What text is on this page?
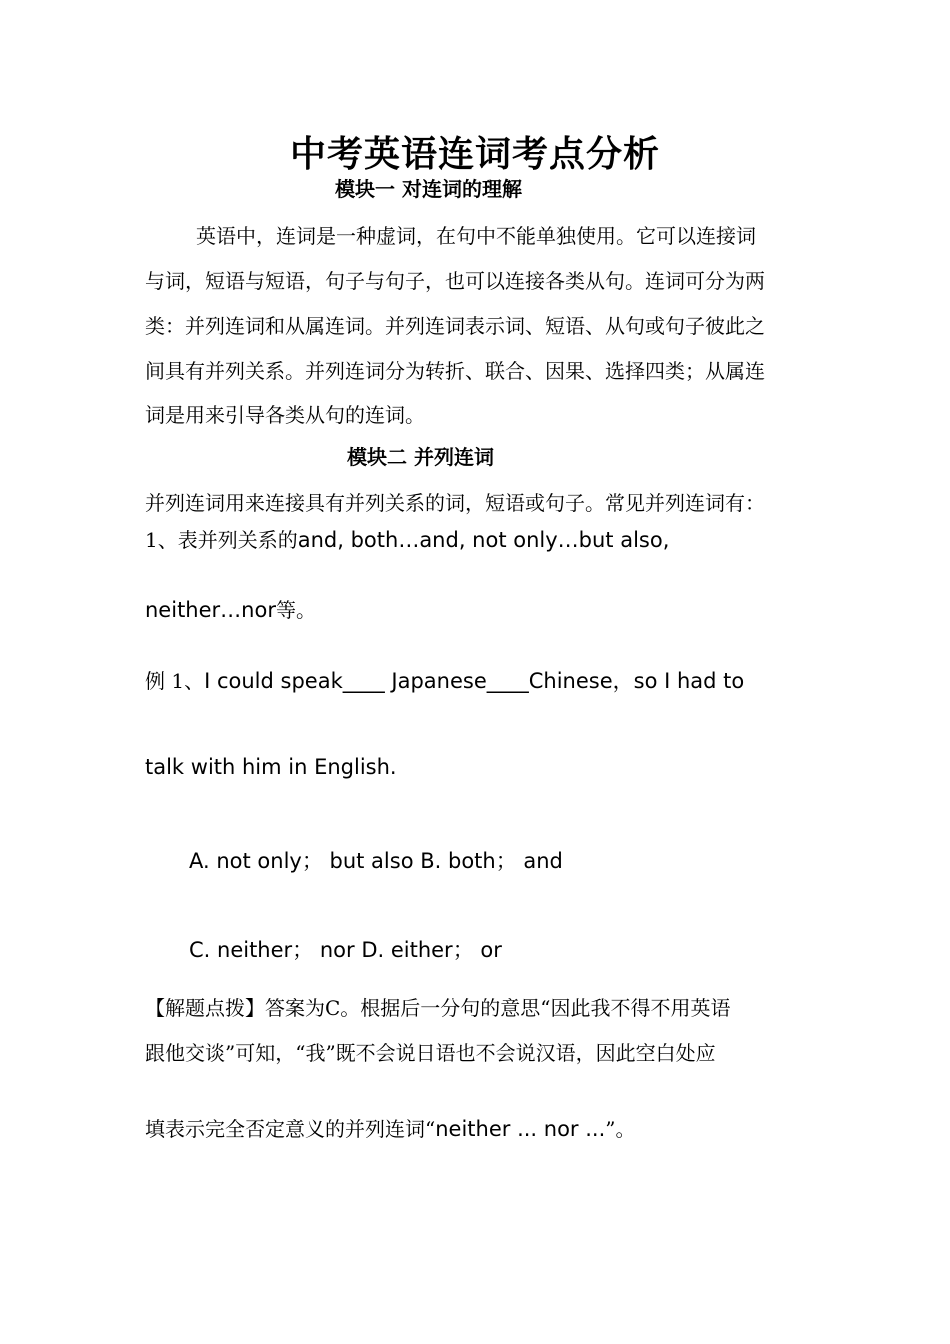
中考英语连词考点分析
模块一 对连词的理解
英语中，连词是一种虚词，在句中不能单独使用。它可以连接词
与词，短语与短语，句子与句子，也可以连接各类从句。连词可分为两
类：并列连词和从属连词。并列连词表示词、短语、从句或句子彼此之
间具有并列关系。并列连词分为转折、联合、因果、选择四类；从属连
词是用来引导各类从句的连词。
模块二 并列连词
并列连词用来连接具有并列关系的词，短语或句子。常见并列连词有：
1、表并列关系的and, both…and, not only…but also,
neither…nor等。
例 1、I could speak____ Japanese____Chinese，so I had to
talk with him in English.
A. not only； but also B. both； and
C. neither； nor D. either； or
【解题点拨】答案为C。根据后一分句的意思“因此我不得不用英语
跟他交谈”可知，“我”既不会说日语也不会说汉语，因此空白处应
填表示完全否定意义的并列连词“neither ... nor ...”。
